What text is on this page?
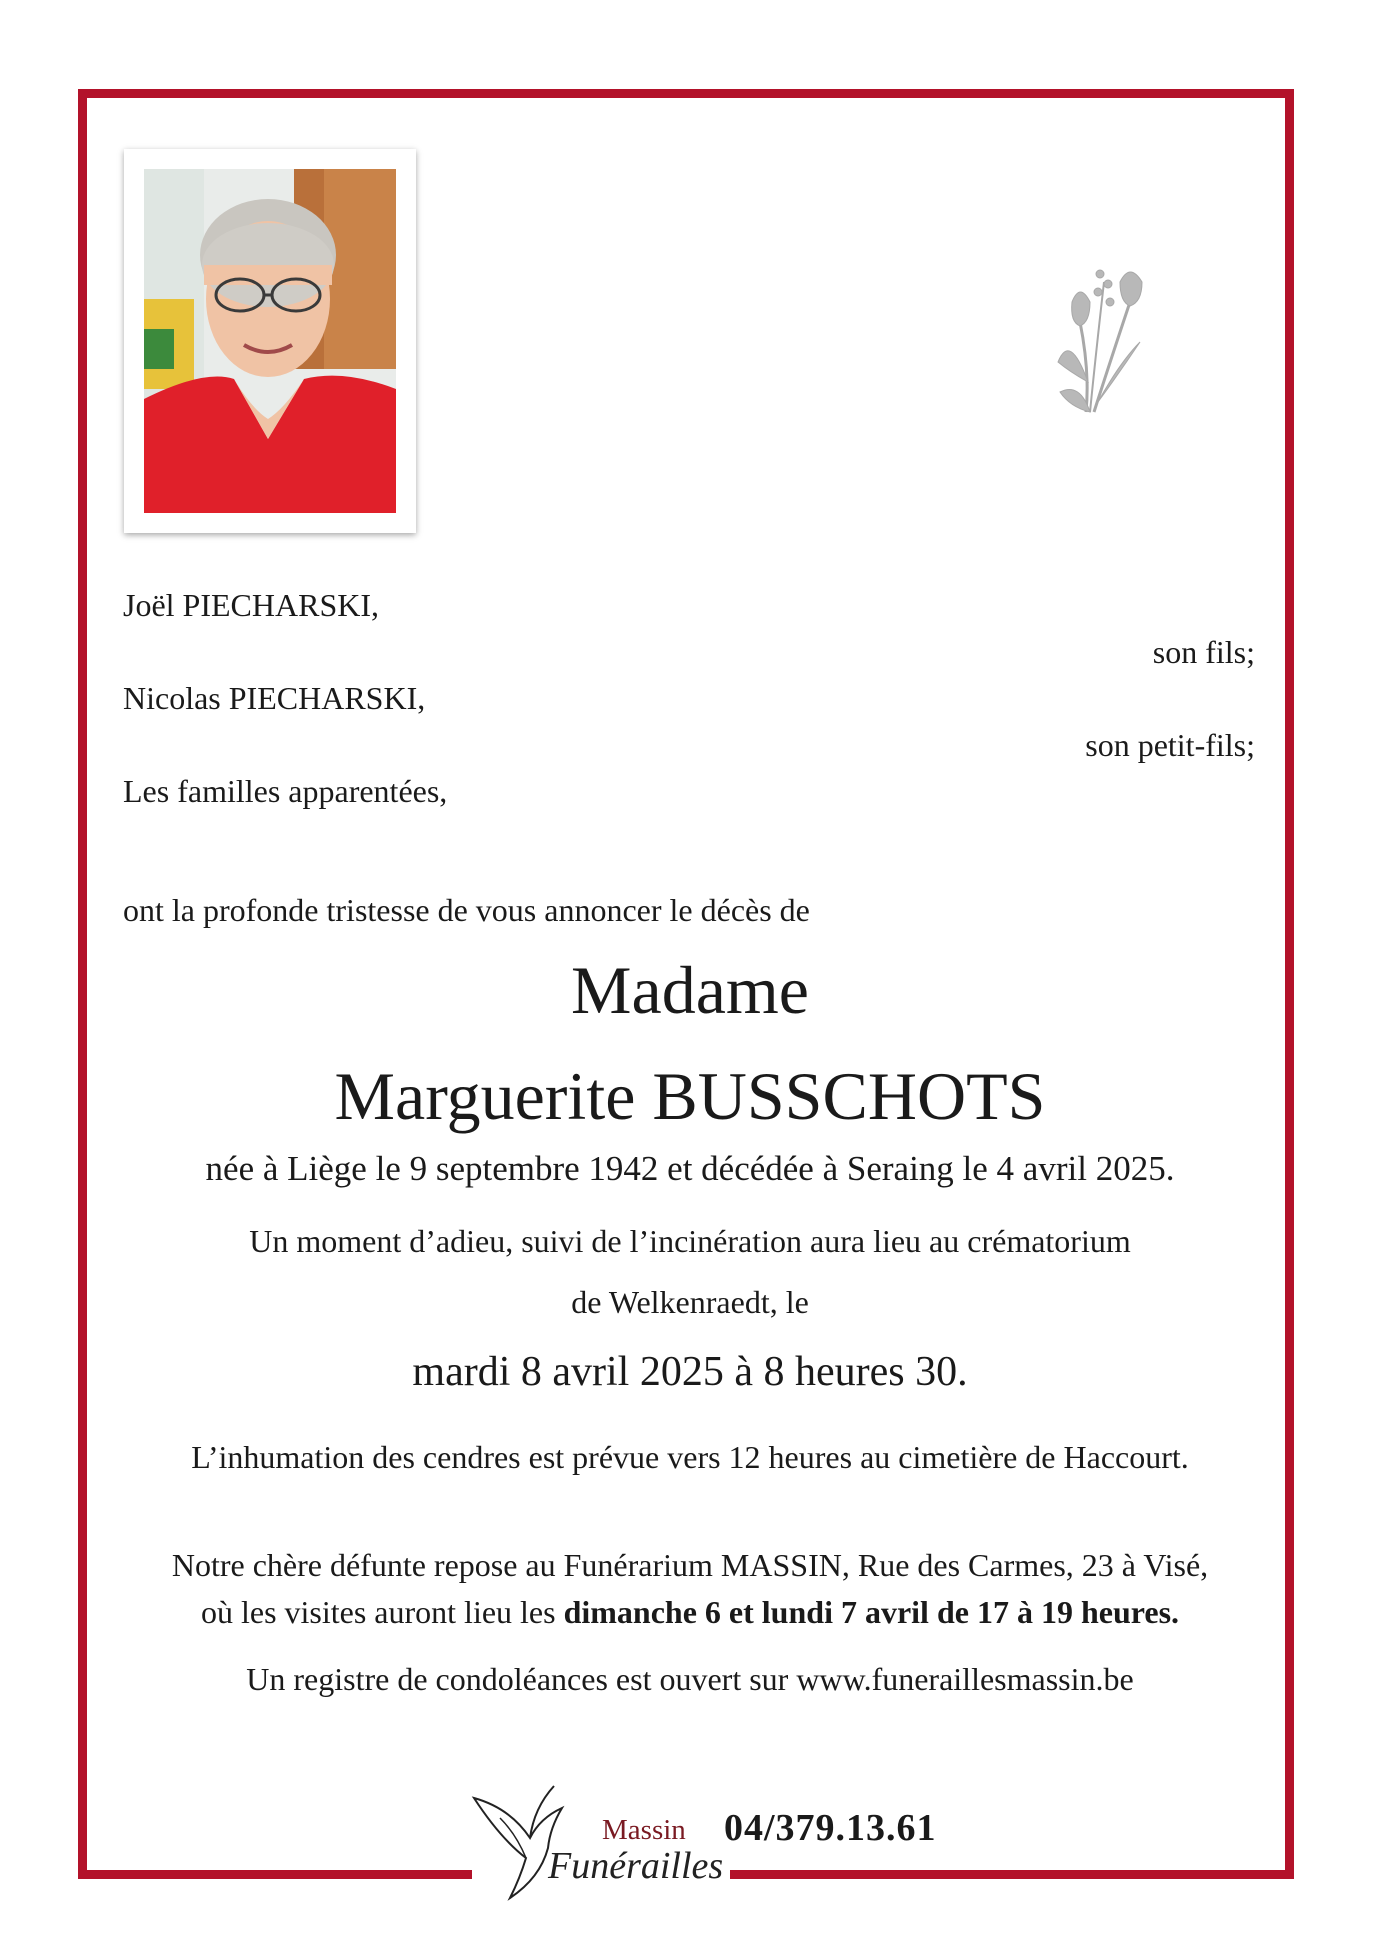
Joël PIECHARSKI,

son fils;

Nicolas PIECHARSKI,

son petit-fils;

Les familles apparentées,

ont la profonde tristesse de vous annoncer le décès de

Madame

Marguerite BUSSCHOTS

née à Liège le 9 septembre 1942 et décédée à Seraing le 4 avril 2025.

Un moment d’adieu, suivi de l’incinération aura lieu au crématorium

de Welkenraedt, le

mardi 8 avril 2025 à 8 heures 30.

L’inhumation des cendres est prévue vers 12 heures au cimetière de Haccourt.

Notre chère défunte repose au Funérarium MASSIN, Rue des Carmes, 23 à Visé,

où les visites auront lieu les dimanche 6 et lundi 7 avril de 17 à 19 heures.

Un registre de condoléances est ouvert sur www.funeraillesmassin.be

Massin
Funérailles
04/379.13.61
